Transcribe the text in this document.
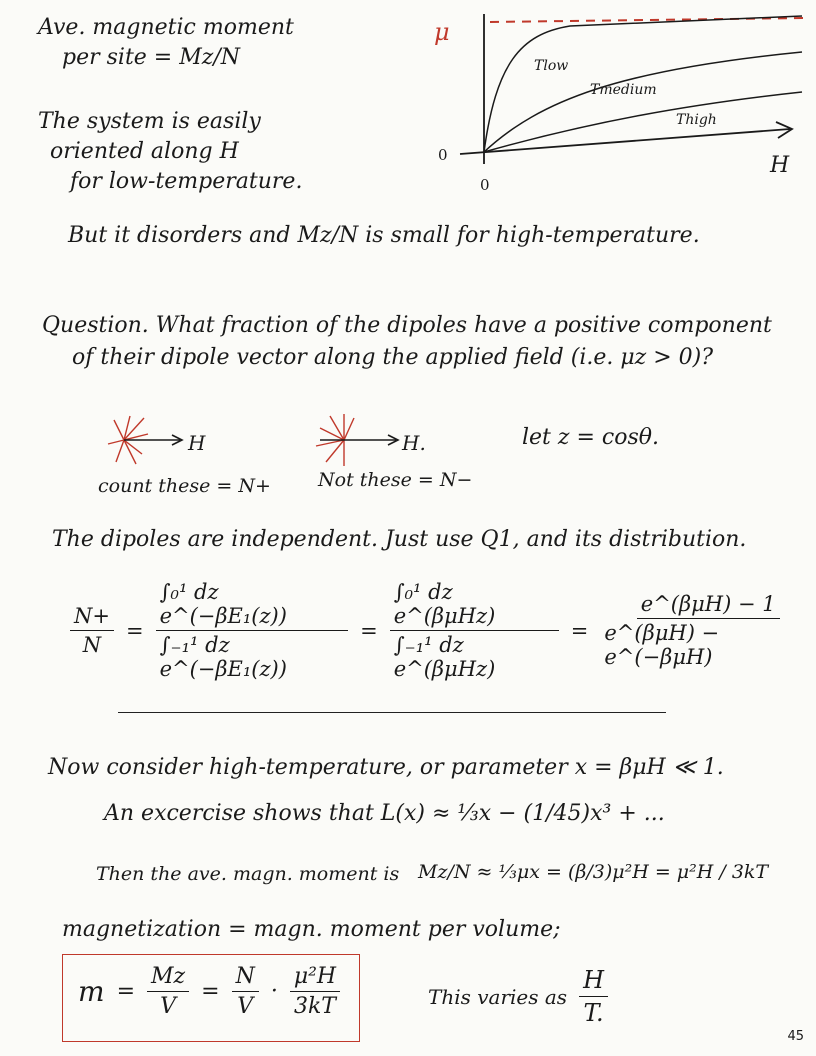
Ave. magnetic moment
per site = Mz/N
The system is easily
oriented along H
for low-temperature.
But it disorders and Mz/N is small for high-temperature.
μ
Tlow
Tmedium
Thigh
H
0
0
Question. What fraction of the dipoles have a positive component
of their dipole vector along the applied field (i.e. μz > 0)?
H	H.	let z = cosθ.
count these = N+ Not these = N−
The dipoles are independent. Just use Q1, and its distribution.
$\frac{N+}{N} = \frac{\text{∫₀¹ dz e\textasciicircum{}(−βE₁(z))}}{\text{∫₋₁¹ dz e\textasciicircum{}(−βE₁(z))}} = \frac{\text{∫₀¹ dz e\textasciicircum{}(βμHz)}}{\text{∫₋₁¹ dz e\textasciicircum{}(βμHz)}} = \frac{\text{e\textasciicircum{}(βμH) − 1}}{\text{e\textasciicircum{}(βμH) − e\textasciicircum{}(−βμH)}}$
Now consider high-temperature, or parameter x = βμH ≪ 1.
An excercise shows that L(x) ≈ ⅓x − (1/45)x³ + ...
Then the ave. magn. moment is Mz/N ≈ ⅓μx = (β/3)μ²H = μ²H / 3kT
magnetization = magn. moment per volume;
$m = \frac{Mz}{V} = \frac{N}{V} \cdot \frac{\text{μ²H}}{3kT}$	This varies as $\frac{H}{T.}$
45
